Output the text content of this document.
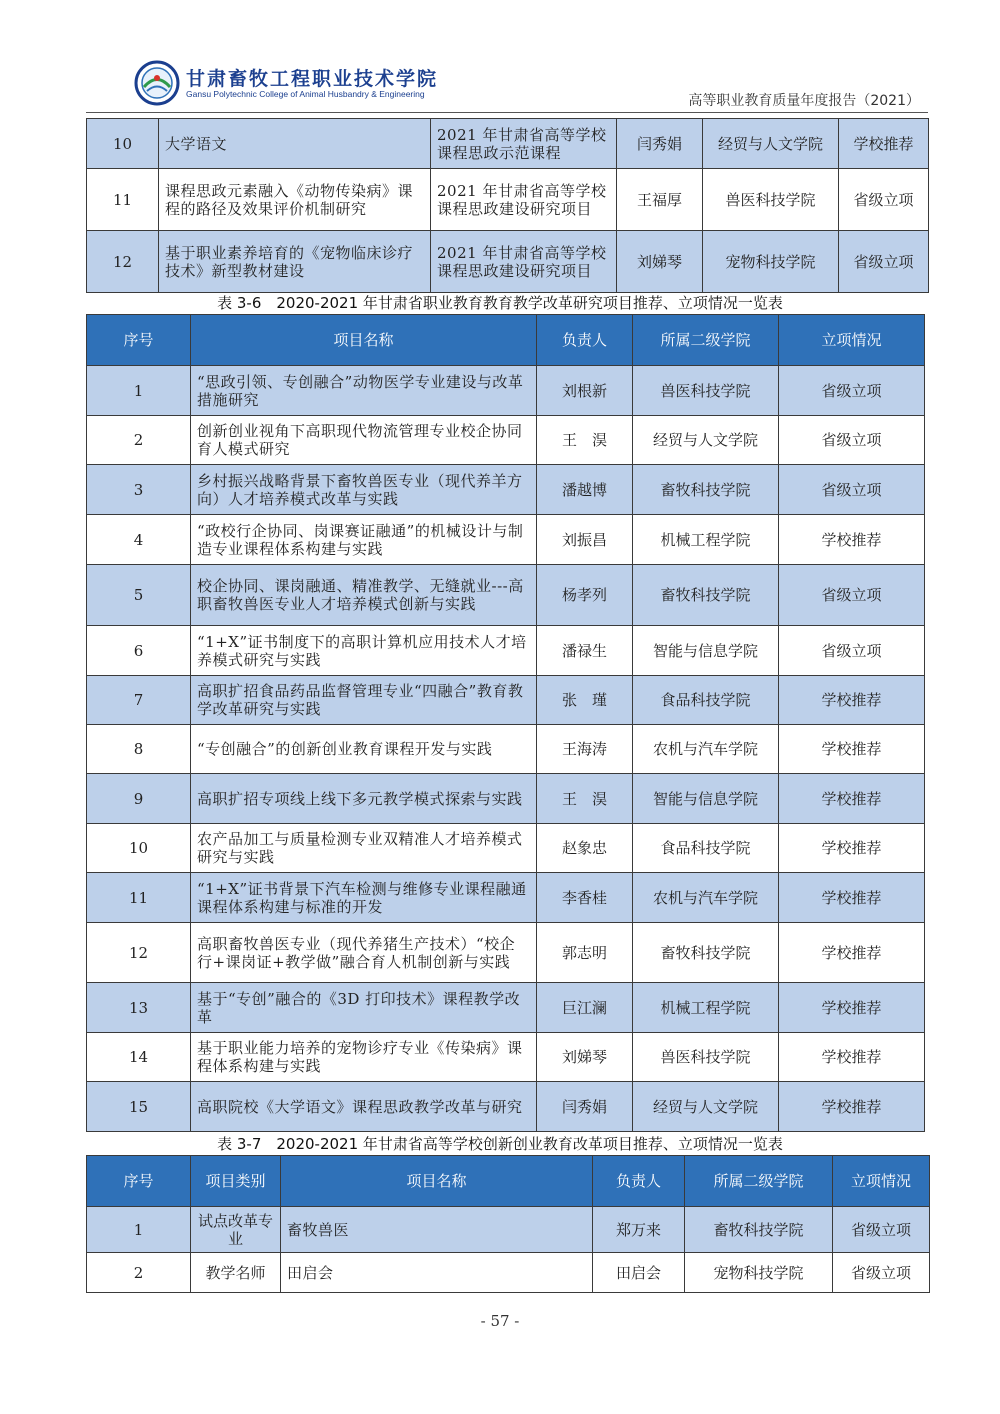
甘肃畜牧工程职业技术学院
Gansu Polytechnic College of Animal Husbandry & Engineering	高等职业教育质量年度报告（2021）
10	大学语文	2021 年甘肃省高等学校课程思政示范课程	闫秀娟	经贸与人文学院	学校推荐
11	课程思政元素融入《动物传染病》课程的路径及效果评价机制研究	2021 年甘肃省高等学校课程思政建设研究项目	王福厚	兽医科技学院	省级立项
12	基于职业素养培育的《宠物临床诊疗技术》新型教材建设	2021 年甘肃省高等学校课程思政建设研究项目	刘娣琴	宠物科技学院	省级立项
表 3-6　2020-2021 年甘肃省职业教育教育教学改革研究项目推荐、立项情况一览表
序号	项目名称	负责人	所属二级学院	立项情况
1	“思政引领、专创融合”动物医学专业建设与改革措施研究	刘根新	兽医科技学院	省级立项
2	创新创业视角下高职现代物流管理专业校企协同育人模式研究	王　淏	经贸与人文学院	省级立项
3	乡村振兴战略背景下畜牧兽医专业（现代养羊方向）人才培养模式改革与实践	潘越博	畜牧科技学院	省级立项
4	“政校行企协同、岗课赛证融通”的机械设计与制造专业课程体系构建与实践	刘振昌	机械工程学院	学校推荐
5	校企协同、课岗融通、精准教学、无缝就业---高职畜牧兽医专业人才培养模式创新与实践	杨孝列	畜牧科技学院	省级立项
6	“1+X”证书制度下的高职计算机应用技术人才培养模式研究与实践	潘禄生	智能与信息学院	省级立项
7	高职扩招食品药品监督管理专业“四融合”教育教学改革研究与实践	张　瑾	食品科技学院	学校推荐
8	“专创融合”的创新创业教育课程开发与实践	王海涛	农机与汽车学院	学校推荐
9	高职扩招专项线上线下多元教学模式探索与实践	王　淏	智能与信息学院	学校推荐
10	农产品加工与质量检测专业双精准人才培养模式研究与实践	赵象忠	食品科技学院	学校推荐
11	“1+X”证书背景下汽车检测与维修专业课程融通课程体系构建与标准的开发	李香桂	农机与汽车学院	学校推荐
12	高职畜牧兽医专业（现代养猪生产技术）“校企行+课岗证+教学做”融合育人机制创新与实践	郭志明	畜牧科技学院	学校推荐
13	基于“专创”融合的《3D 打印技术》课程教学改革	巨江澜	机械工程学院	学校推荐
14	基于职业能力培养的宠物诊疗专业《传染病》课程体系构建与实践	刘娣琴	兽医科技学院	学校推荐
15	高职院校《大学语文》课程思政教学改革与研究	闫秀娟	经贸与人文学院	学校推荐
表 3-7　2020-2021 年甘肃省高等学校创新创业教育改革项目推荐、立项情况一览表
序号	项目类别	项目名称	负责人	所属二级学院	立项情况
1	试点改革专业	畜牧兽医	郑万来	畜牧科技学院	省级立项
2	教学名师	田启会	田启会	宠物科技学院	省级立项
- 57 -
